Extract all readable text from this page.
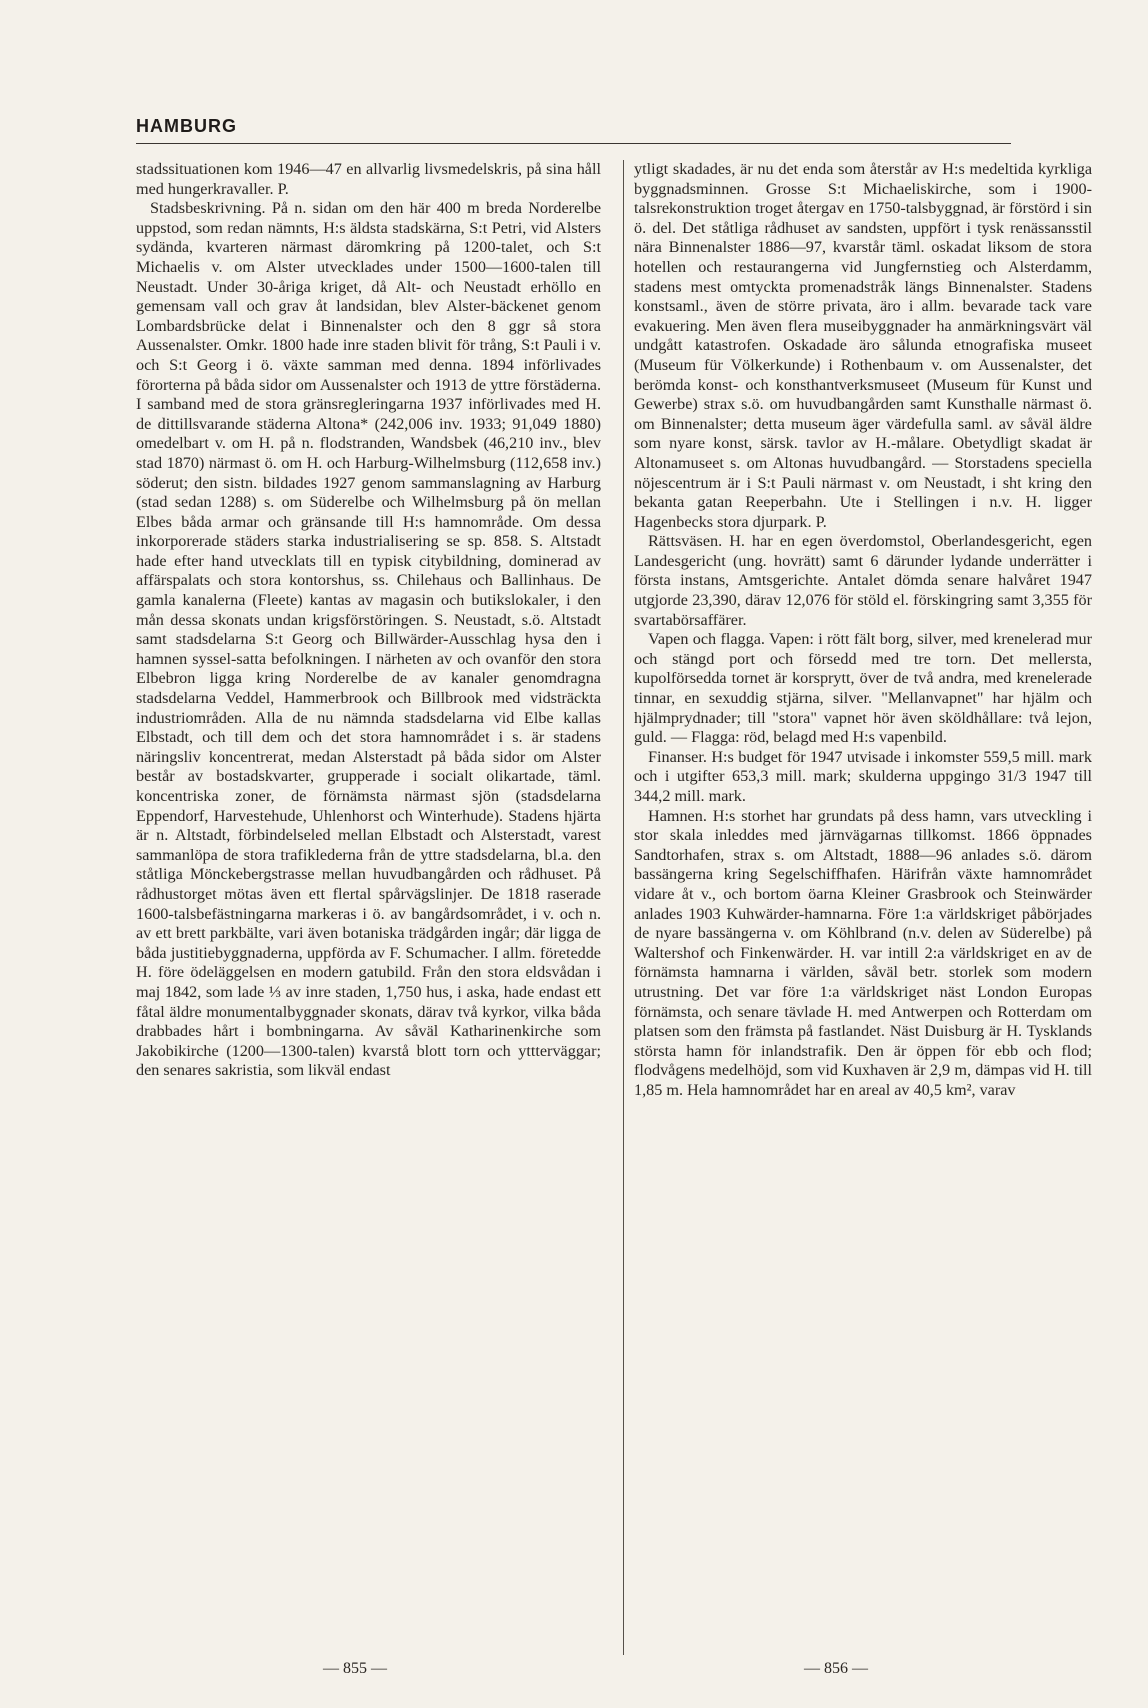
HAMBURG

stadssituationen kom 1946—47 en allvarlig livsmedelskris, på sina håll med hungerkravaller. P.

Stadsbeskrivning. På n. sidan om den här 400 m breda Norderelbe uppstod, som redan nämnts, H:s äldsta stadskärna, S:t Petri, vid Alsters sydända, kvarteren närmast däromkring på 1200-talet, och S:t Michaelis v. om Alster utvecklades under 1500—1600-talen till Neustadt. Under 30-åriga kriget, då Alt- och Neustadt erhöllo en gemensam vall och grav åt landsidan, blev Alster-bäckenet genom Lombardsbrücke delat i Binnenalster och den 8 ggr så stora Aussenalster. Omkr. 1800 hade inre staden blivit för trång, S:t Pauli i v. och S:t Georg i ö. växte samman med denna. 1894 införlivades förorterna på båda sidor om Aussenalster och 1913 de yttre förstäderna. I samband med de stora gränsregleringarna 1937 införlivades med H. de dittillsvarande städerna Altona* (242,006 inv. 1933; 91,049 1880) omedelbart v. om H. på n. flodstranden, Wandsbek (46,210 inv., blev stad 1870) närmast ö. om H. och Harburg-Wilhelmsburg (112,658 inv.) söderut; den sistn. bildades 1927 genom sammanslagning av Harburg (stad sedan 1288) s. om Süderelbe och Wilhelmsburg på ön mellan Elbes båda armar och gränsande till H:s hamnområde. Om dessa inkorporerade städers starka industrialisering se sp. 858. S. Altstadt hade efter hand utvecklats till en typisk citybildning, dominerad av affärspalats och stora kontorshus, ss. Chilehaus och Ballinhaus. De gamla kanalerna (Fleete) kantas av magasin och butikslokaler, i den mån dessa skonats undan krigsförstöringen. S. Neustadt, s.ö. Altstadt samt stadsdelarna S:t Georg och Billwärder-Ausschlag hysa den i hamnen syssel-satta befolkningen. I närheten av och ovanför den stora Elbebron ligga kring Norderelbe de av kanaler genomdragna stadsdelarna Veddel, Hammerbrook och Billbrook med vidsträckta industriområden. Alla de nu nämnda stadsdelarna vid Elbe kallas Elbstadt, och till dem och det stora hamnområdet i s. är stadens näringsliv koncentrerat, medan Alsterstadt på båda sidor om Alster består av bostadskvarter, grupperade i socialt olikartade, täml. koncentriska zoner, de förnämsta närmast sjön (stadsdelarna Eppendorf, Harvestehude, Uhlenhorst och Winterhude). Stadens hjärta är n. Altstadt, förbindelseled mellan Elbstadt och Alsterstadt, varest sammanlöpa de stora trafiklederna från de yttre stadsdelarna, bl.a. den ståtliga Mönckebergstrasse mellan huvudbangården och rådhuset. På rådhustorget mötas även ett flertal spårvägslinjer. De 1818 raserade 1600-talsbefästningarna markeras i ö. av bangårdsområdet, i v. och n. av ett brett parkbälte, vari även botaniska trädgården ingår; där ligga de båda justitiebyggnaderna, uppförda av F. Schumacher. I allm. företedde H. före ödeläggelsen en modern gatubild. Från den stora eldsvådan i maj 1842, som lade ⅓ av inre staden, 1,750 hus, i aska, hade endast ett fåtal äldre monumentalbyggnader skonats, därav två kyrkor, vilka båda drabbades hårt i bombningarna. Av såväl Katharinenkirche som Jakobikirche (1200—1300-talen) kvarstå blott torn och yttterväggar; den senares sakristia, som likväl endast

ytligt skadades, är nu det enda som återstår av H:s medeltida kyrkliga byggnadsminnen. Grosse S:t Michaeliskirche, som i 1900-talsrekonstruktion troget återgav en 1750-talsbyggnad, är förstörd i sin ö. del. Det ståtliga rådhuset av sandsten, uppfört i tysk renässansstil nära Binnenalster 1886—97, kvarstår täml. oskadat liksom de stora hotellen och restaurangerna vid Jungfernstieg och Alsterdamm, stadens mest omtyckta promenadstråk längs Binnenalster. Stadens konstsaml., även de större privata, äro i allm. bevarade tack vare evakuering. Men även flera museibyggnader ha anmärkningsvärt väl undgått katastrofen. Oskadade äro sålunda etnografiska museet (Museum für Völkerkunde) i Rothenbaum v. om Aussenalster, det berömda konst- och konsthantverksmuseet (Museum für Kunst und Gewerbe) strax s.ö. om huvudbangården samt Kunsthalle närmast ö. om Binnenalster; detta museum äger värdefulla saml. av såväl äldre som nyare konst, särsk. tavlor av H.-målare. Obetydligt skadat är Altonamuseet s. om Altonas huvudbangård. — Storstadens speciella nöjescentrum är i S:t Pauli närmast v. om Neustadt, i sht kring den bekanta gatan Reeperbahn. Ute i Stellingen i n.v. H. ligger Hagenbecks stora djurpark. P.

Rättsväsen. H. har en egen överdomstol, Oberlandesgericht, egen Landesgericht (ung. hovrätt) samt 6 därunder lydande underrätter i första instans, Amtsgerichte. Antalet dömda senare halvåret 1947 utgjorde 23,390, därav 12,076 för stöld el. förskingring samt 3,355 för svartabörsaffärer.

Vapen och flagga. Vapen: i rött fält borg, silver, med krenelerad mur och stängd port och försedd med tre torn. Det mellersta, kupolförsedda tornet är korsprytt, över de två andra, med krenelerade tinnar, en sexuddig stjärna, silver. "Mellanvapnet" har hjälm och hjälmprydnader; till "stora" vapnet hör även sköldhållare: två lejon, guld. — Flagga: röd, belagd med H:s vapenbild.

Finanser. H:s budget för 1947 utvisade i inkomster 559,5 mill. mark och i utgifter 653,3 mill. mark; skulderna uppgingo 31/3 1947 till 344,2 mill. mark.

Hamnen. H:s storhet har grundats på dess hamn, vars utveckling i stor skala inleddes med järnvägarnas tillkomst. 1866 öppnades Sandtorhafen, strax s. om Altstadt, 1888—96 anlades s.ö. därom bassängerna kring Segelschiffhafen. Härifrån växte hamnområdet vidare åt v., och bortom öarna Kleiner Grasbrook och Steinwärder anlades 1903 Kuhwärder-hamnarna. Före 1:a världskriget påbörjades de nyare bassängerna v. om Köhlbrand (n.v. delen av Süderelbe) på Waltershof och Finkenwärder. H. var intill 2:a världskriget en av de förnämsta hamnarna i världen, såväl betr. storlek som modern utrustning. Det var före 1:a världskriget näst London Europas förnämsta, och senare tävlade H. med Antwerpen och Rotterdam om platsen som den främsta på fastlandet. Näst Duisburg är H. Tysklands största hamn för inlandstrafik. Den är öppen för ebb och flod; flodvågens medelhöjd, som vid Kuxhaven är 2,9 m, dämpas vid H. till 1,85 m. Hela hamnområdet har en areal av 40,5 km², varav

— 855 —	— 856 —
